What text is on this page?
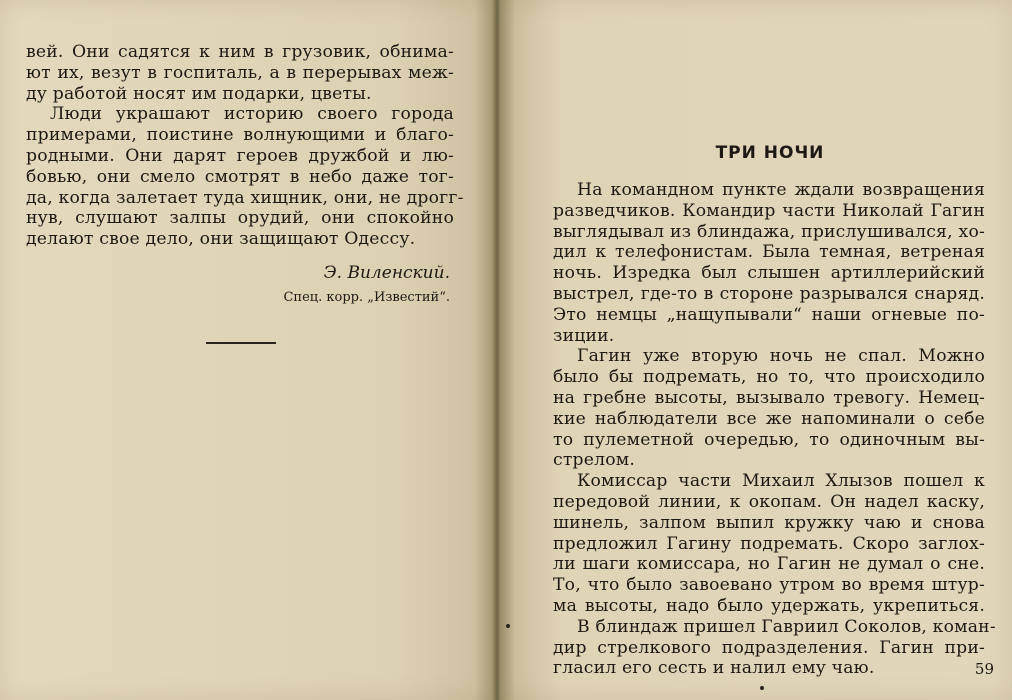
вей. Они садятся к ним в грузовик, обнима-
ют их, везут в госпиталь, а в перерывах меж-
ду работой носят им подарки, цветы.
Люди украшают историю своего города
примерами, поистине волнующими и благо-
родными. Они дарят героев дружбой и лю-
бовью, они смело смотрят в небо даже тог-
да, когда залетает туда хищник, они, не дрогг-
нув, слушают залпы орудий, они спокойно
делают свое дело, они защищают Одессу.
Э. Виленский.
Спец. корр. „Известий“.
ТРИ НОЧИ
На командном пункте ждали возвращения
разведчиков. Командир части Николай Гагин
выглядывал из блиндажа, прислушивался, хо-
дил к телефонистам. Была темная, ветреная
ночь. Изредка был слышен артиллерийский
выстрел, где-то в стороне разрывался снаряд.
Это немцы „нащупывали“ наши огневые по-
зиции.
Гагин уже вторую ночь не спал. Можно
было бы подремать, но то, что происходило
на гребне высоты, вызывало тревогу. Немец-
кие наблюдатели все же напоминали о себе
то пулеметной очередью, то одиночным вы-
стрелом.
Комиссар части Михаил Хлызов пошел к
передовой линии, к окопам. Он надел каску,
шинель, залпом выпил кружку чаю и снова
предложил Гагину подремать. Скоро заглох-
ли шаги комиссара, но Гагин не думал о сне.
То, что было завоевано утром во время штур-
ма высоты, надо было удержать, укрепиться.
В блиндаж пришел Гавриил Соколов, коман-
дир стрелкового подразделения. Гагин при-
гласил его сесть и налил ему чаю.	59
